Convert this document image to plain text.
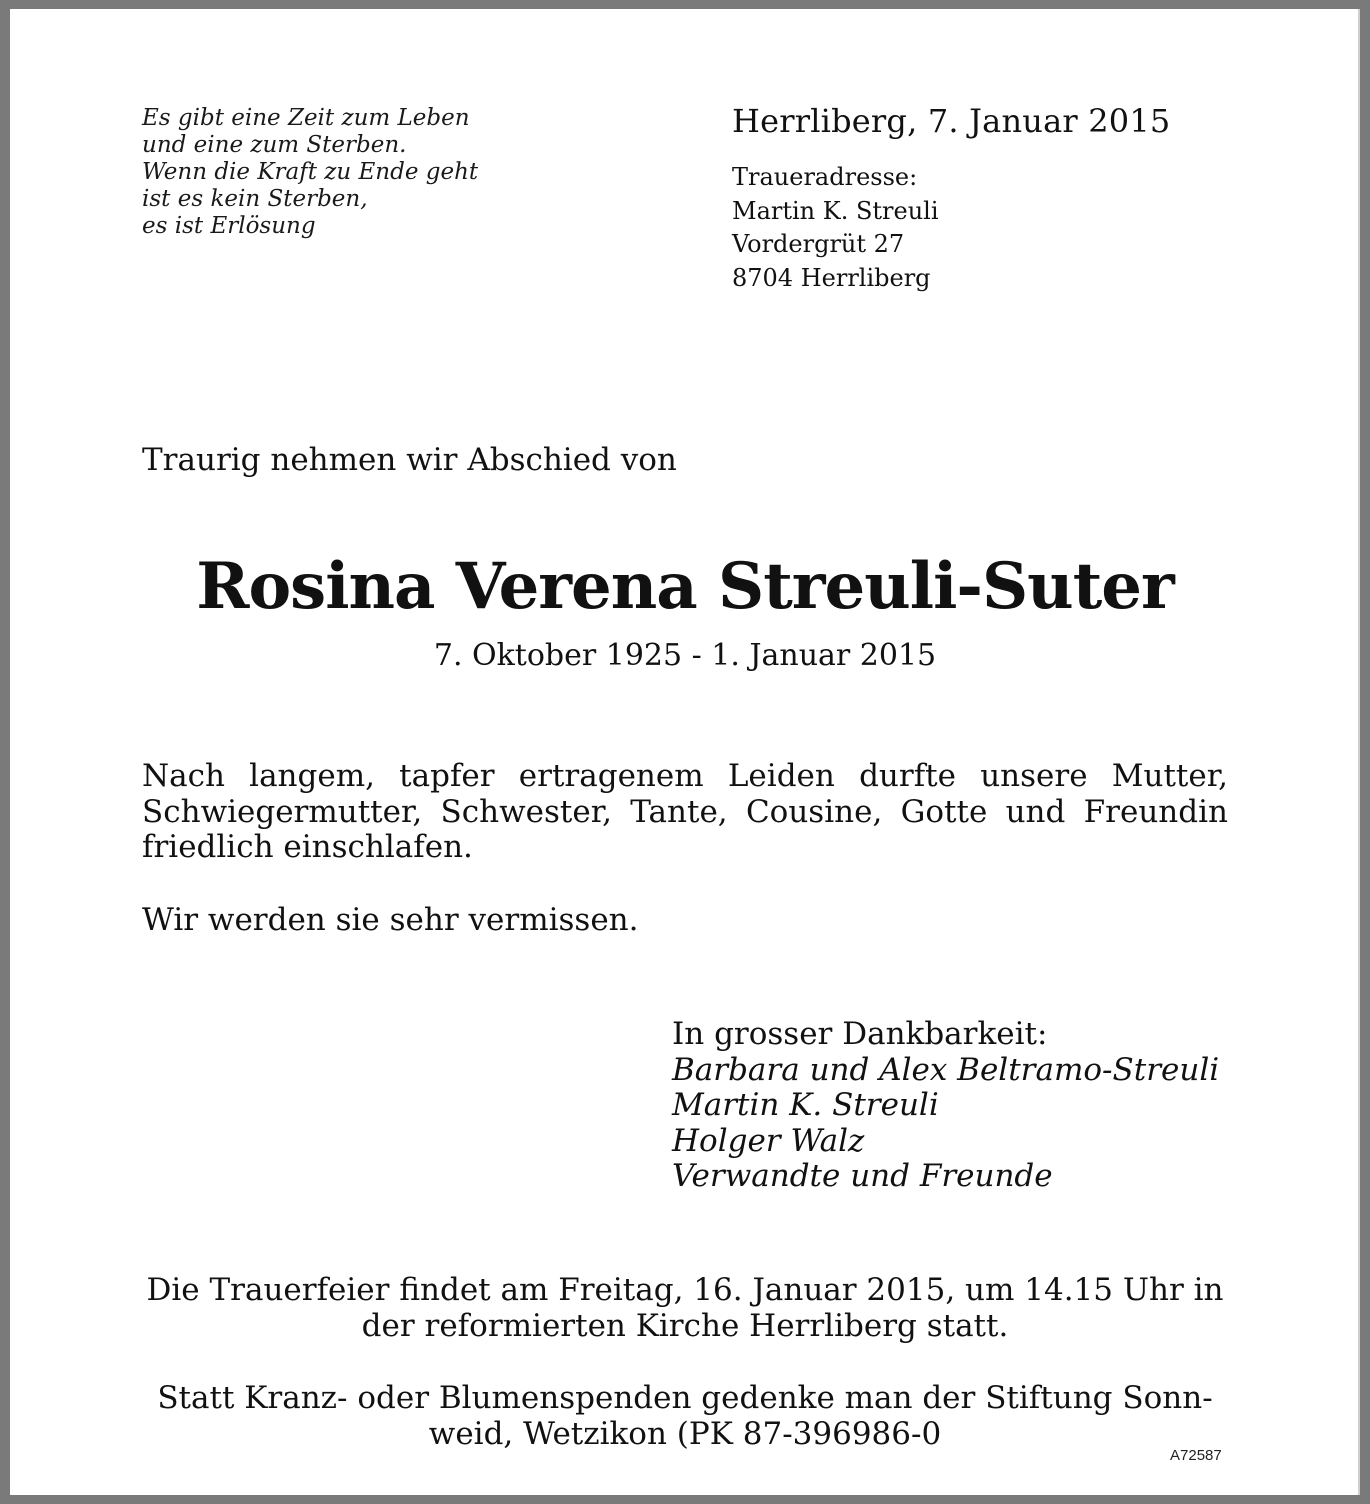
Es gibt eine Zeit zum Leben
und eine zum Sterben.
Wenn die Kraft zu Ende geht
ist es kein Sterben,
es ist Erlösung
Herrliberg, 7. Januar 2015
Traueradresse:
Martin K. Streuli
Vordergrüt 27
8704 Herrliberg
Traurig nehmen wir Abschied von
Rosina Verena Streuli-Suter
7. Oktober 1925 - 1. Januar 2015
Nach langem, tapfer ertragenem Leiden durfte unsere Mutter, Schwiegermutter, Schwester, Tante, Cousine, Gotte und Freundin friedlich einschlafen.
Wir werden sie sehr vermissen.
In grosser Dankbarkeit:
Barbara und Alex Beltramo-Streuli
Martin K. Streuli
Holger Walz
Verwandte und Freunde
Die Trauerfeier findet am Freitag, 16. Januar 2015, um 14.15 Uhr in
der reformierten Kirche Herrliberg statt.
Statt Kranz- oder Blumenspenden gedenke man der Stiftung Sonn-
weid, Wetzikon (PK 87-396986-0
A72587
